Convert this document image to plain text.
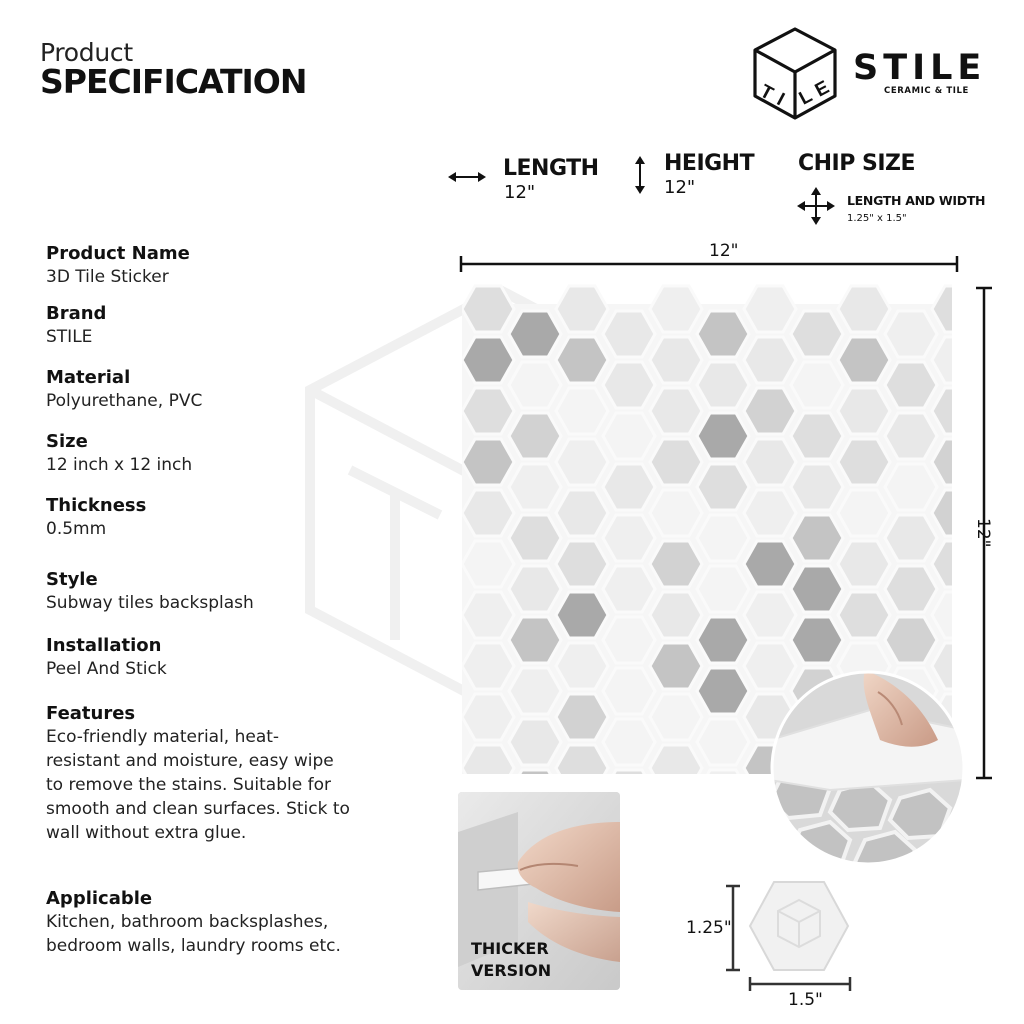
Product
SPECIFICATION	T
I L
E
STILE
CERAMIC & TILE
LENGTH
12"
HEIGHT
12"
CHIP SIZE
LENGTH AND WIDTH
1.25" x 1.5"
Product Name
3D Tile Sticker
Brand
STILE
Material
Polyurethane, PVC
Size
12 inch x 12 inch
Thickness
0.5mm
Style
Subway tiles backsplash
Installation
Peel And Stick
Features
Eco-friendly material, heat-resistant and moisture, easy wipe to remove the stains. Suitable for smooth and clean surfaces. Stick to wall without extra glue.
Applicable
Kitchen, bathroom backsplashes, bedroom walls, laundry rooms etc.
12"
12"
THICKER
VERSION
1.25"
1.5"
